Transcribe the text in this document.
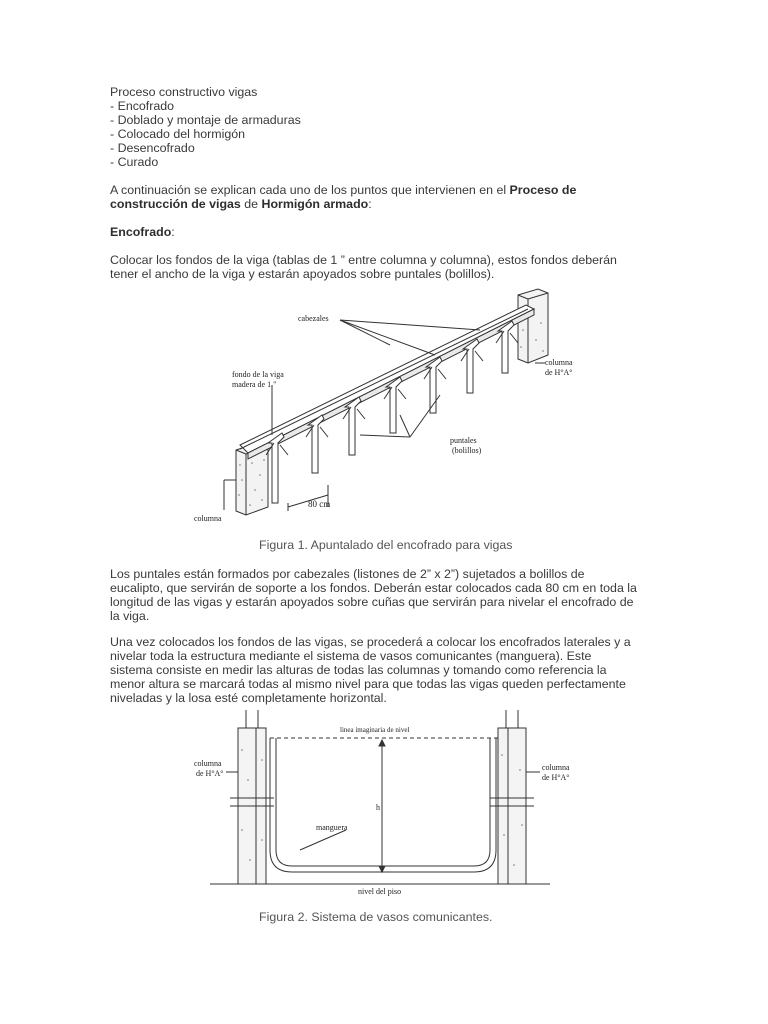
Proceso constructivo vigas
- Encofrado
- Doblado y montaje de armaduras
- Colocado del hormigón
- Desencofrado
- Curado
A continuación se explican cada uno de los puntos que intervienen en el Proceso de
construcción de vigas de Hormigón armado:
Encofrado:
Colocar los fondos de la viga (tablas de 1 ” entre columna y columna), estos fondos deberán
tener el ancho de la viga y estarán apoyados sobre puntales (bolillos).
cabezales
fondo de la viga
madera de 1 "
columna
de H°A°
puntales
(bolillos)
80 cm
columna
Figura 1. Apuntalado del encofrado para vigas
Los puntales están formados por cabezales (listones de 2” x 2”) sujetados a bolillos de
eucalipto, que servirán de soporte a los fondos. Deberán estar colocados cada 80 cm en toda la
longitud de las vigas y estarán apoyados sobre cuñas que servirán para nivelar el encofrado de
la viga.
Una vez colocados los fondos de las vigas, se procederá a colocar los encofrados laterales y a
nivelar toda la estructura mediante el sistema de vasos comunicantes (manguera). Este
sistema consiste en medir las alturas de todas las columnas y tomando como referencia la
menor altura se marcará todas al mismo nivel para que todas las vigas queden perfectamente
niveladas y la losa esté completamente horizontal.
linea imaginaria de nivel
columna
de H°A°
columna
de H°A°
h
manguera
nivel del piso
Figura 2. Sistema de vasos comunicantes.
